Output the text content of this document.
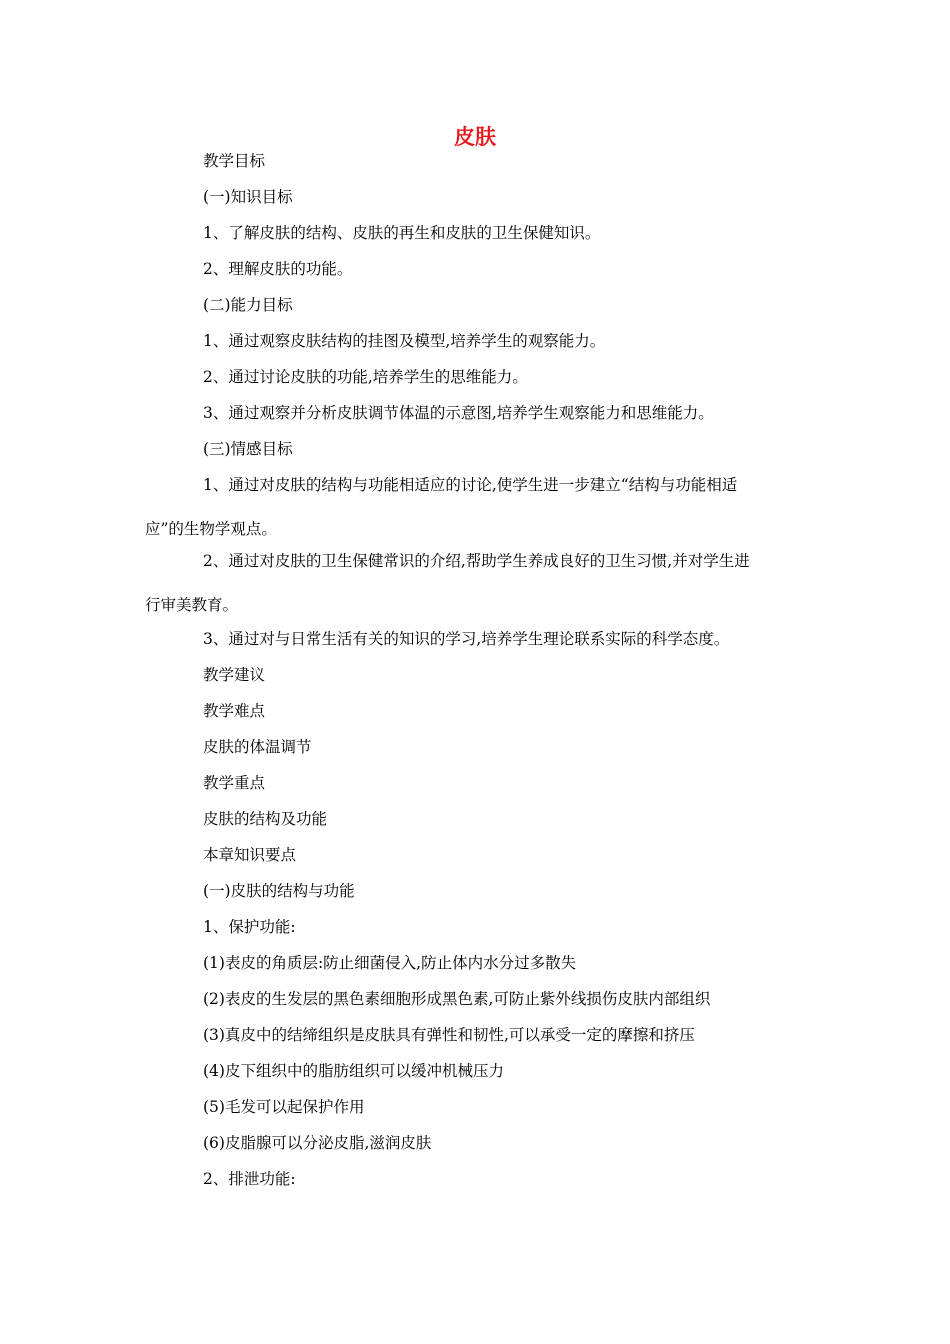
皮肤
教学目标
(一)知识目标
1、了解皮肤的结构、皮肤的再生和皮肤的卫生保健知识。
2、理解皮肤的功能。
(二)能力目标
1、通过观察皮肤结构的挂图及模型,培养学生的观察能力。
2、通过讨论皮肤的功能,培养学生的思维能力。
3、通过观察并分析皮肤调节体温的示意图,培养学生观察能力和思维能力。
(三)情感目标

1、通过对皮肤的结构与功能相适应的讨论,使学生进一步建立“结构与功能相适

应”的生物学观点。

2、通过对皮肤的卫生保健常识的介绍,帮助学生养成良好的卫生习惯,并对学生进

行审美教育。

3、通过对与日常生活有关的知识的学习,培养学生理论联系实际的科学态度。
教学建议
教学难点
皮肤的体温调节
教学重点
皮肤的结构及功能
本章知识要点
(一)皮肤的结构与功能
1、保护功能:
(1)表皮的角质层:防止细菌侵入,防止体内水分过多散失
(2)表皮的生发层的黑色素细胞形成黑色素,可防止紫外线损伤皮肤内部组织
(3)真皮中的结缔组织是皮肤具有弹性和韧性,可以承受一定的摩擦和挤压
(4)皮下组织中的脂肪组织可以缓冲机械压力
(5)毛发可以起保护作用
(6)皮脂腺可以分泌皮脂,滋润皮肤
2、排泄功能:
